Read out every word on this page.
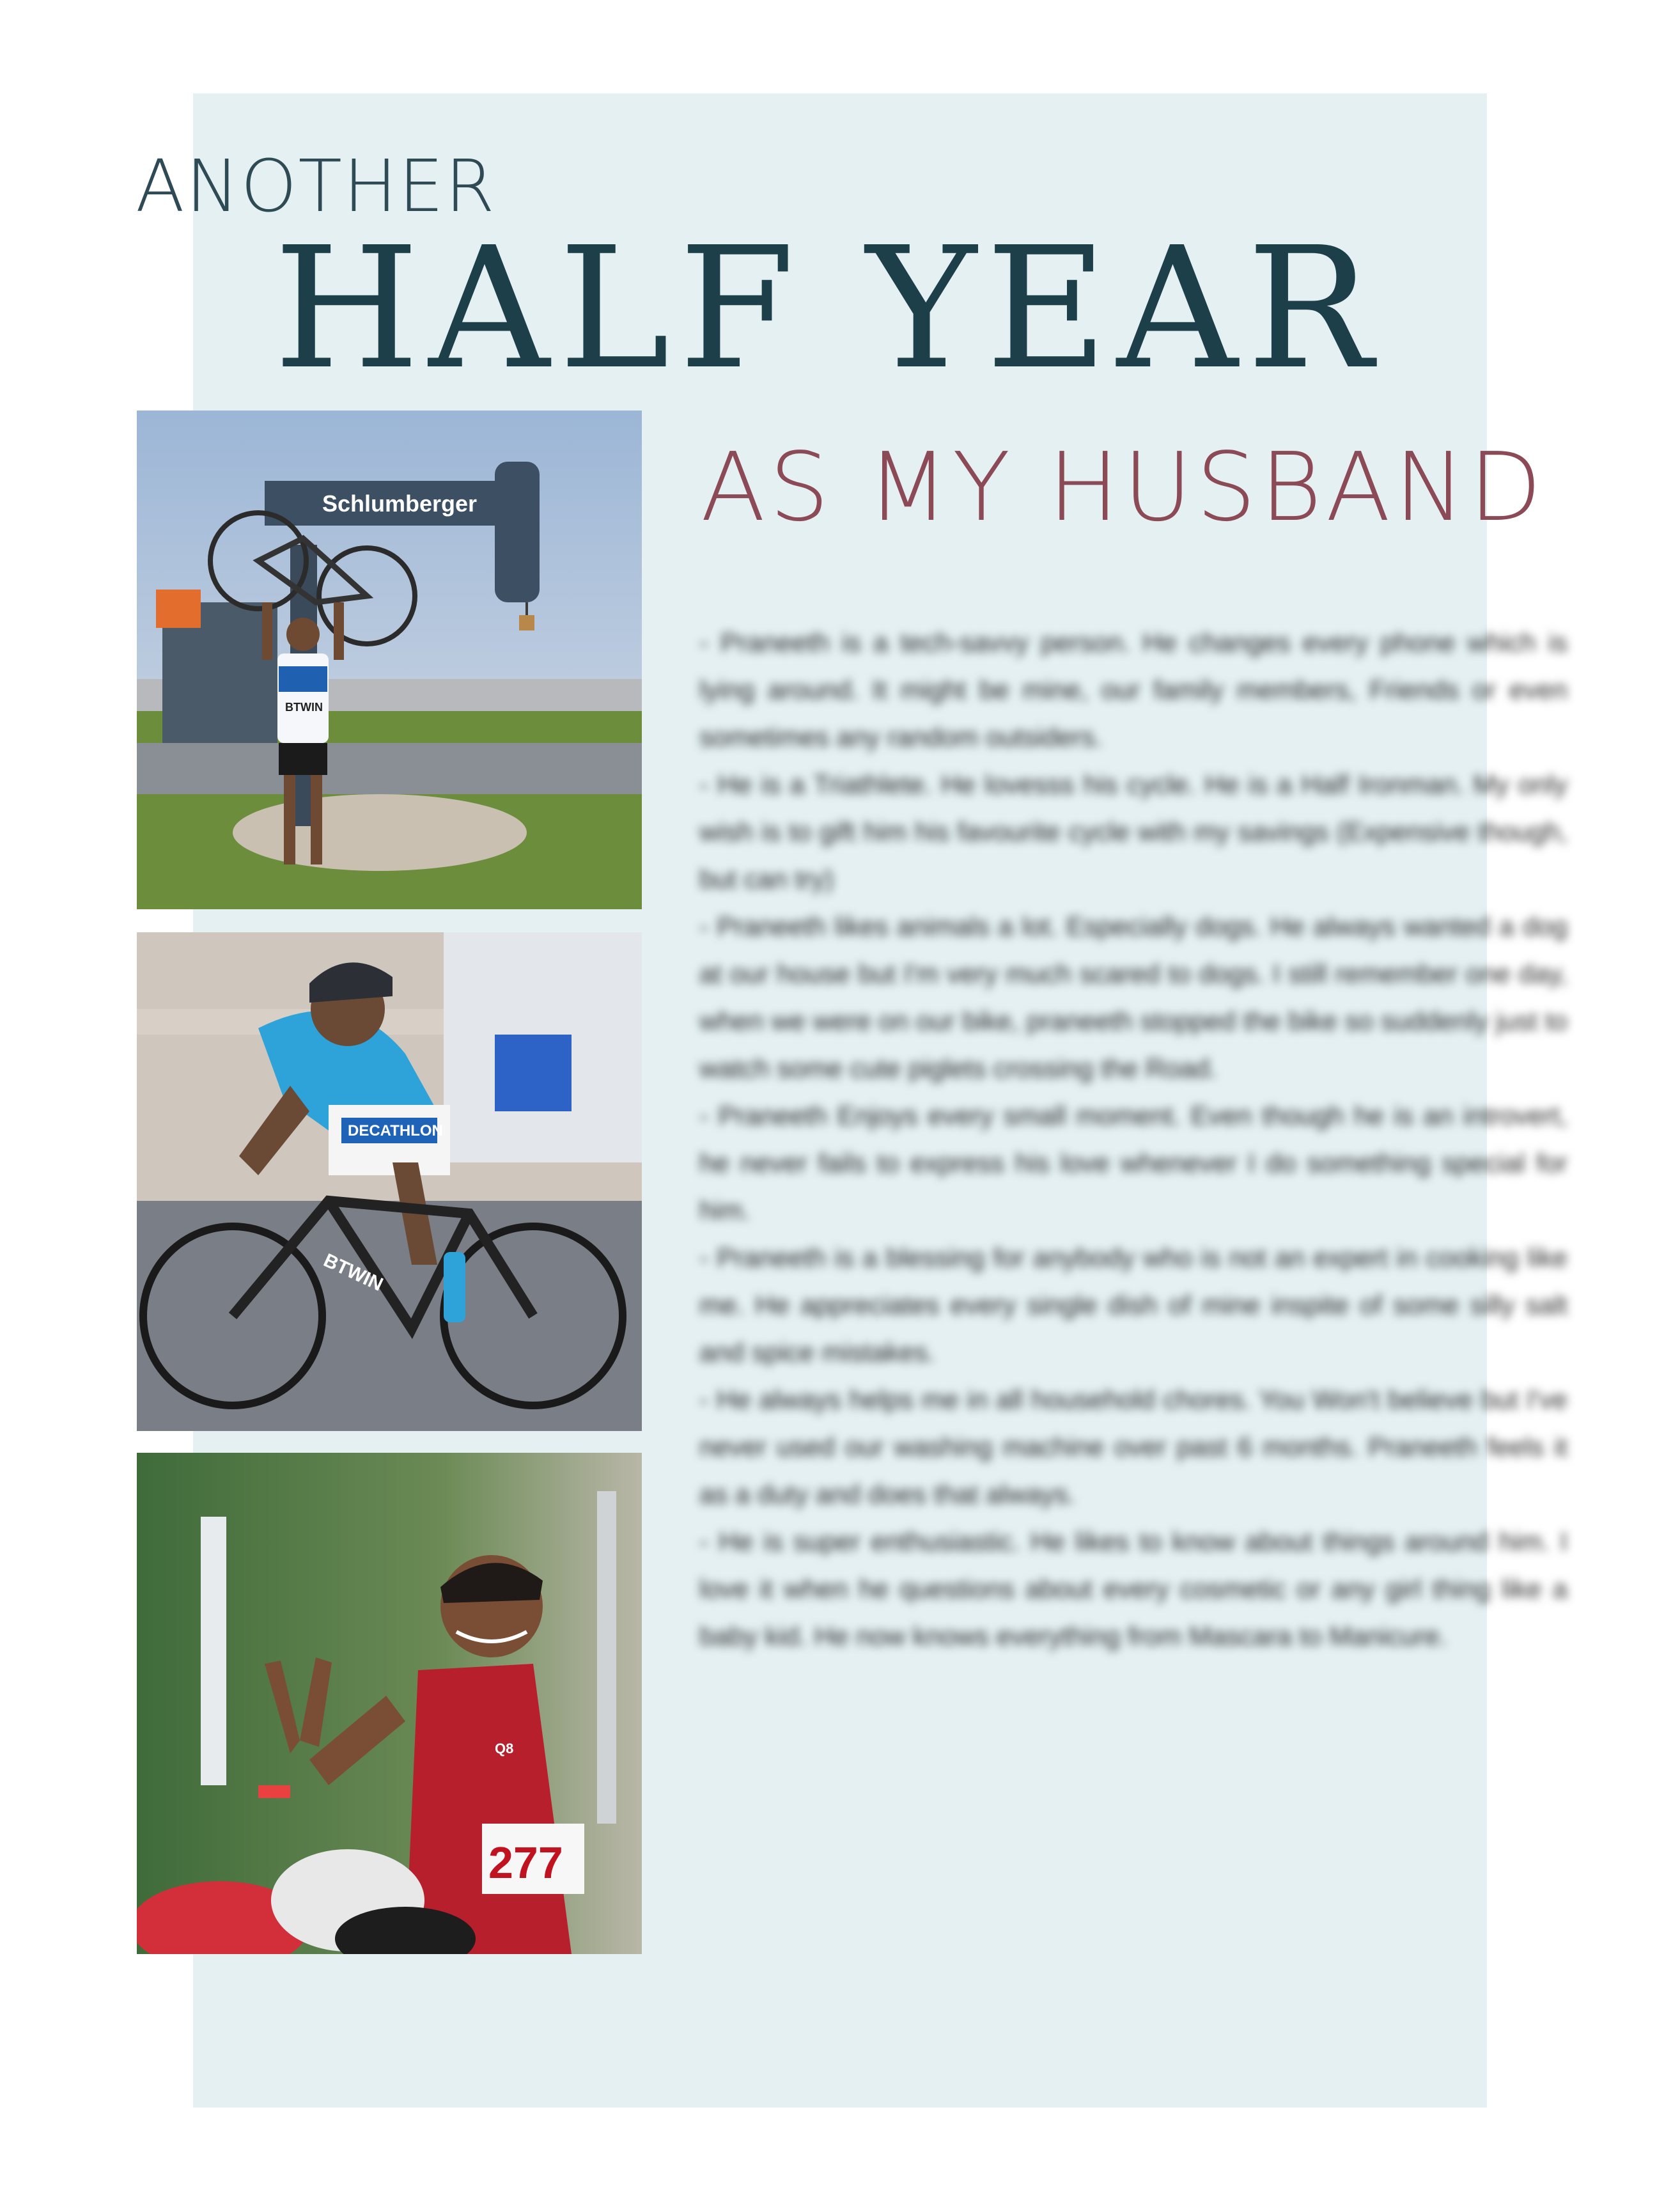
ANOTHER
HALF YEAR
AS MY HUSBAND
Schlumberger
BTWIN
DECATHLON
BTWIN
Q8
277

- Praneeth is a tech-savvy person. He changes every phone which is lying around. It might be mine, our family members, Friends or even sometimes any random outsiders.

- He is a Triathlete. He lovesss his cycle. He is a Half Ironman. My only wish is to gift him his favourite cycle with my savings (Expensive though, but can try)

- Praneeth likes animals a lot. Especially dogs. He always wanted a dog at our house but I'm very much scared to dogs. I still remember one day, when we were on our bike, praneeth stopped the bike so suddenly just to watch some cute piglets crossing the Road.

- Praneeth Enjoys every small moment. Even though he is an introvert, he never fails to express his love whenever I do something special for him.

- Praneeth is a blessing for anybody who is not an expert in cooking like me. He appreciates every single dish of mine inspite of some silly salt and spice mistakes.

- He always helps me in all household chores. You Won't believe but I've never used our washing machine over past 6 months. Praneeth feels it as a duty and does that always.

- He is super enthusiastic. He likes to know about things around him. I love it when he questions about every cosmetic or any girl thing like a baby kid. He now knows everything from Mascara to Manicure.
